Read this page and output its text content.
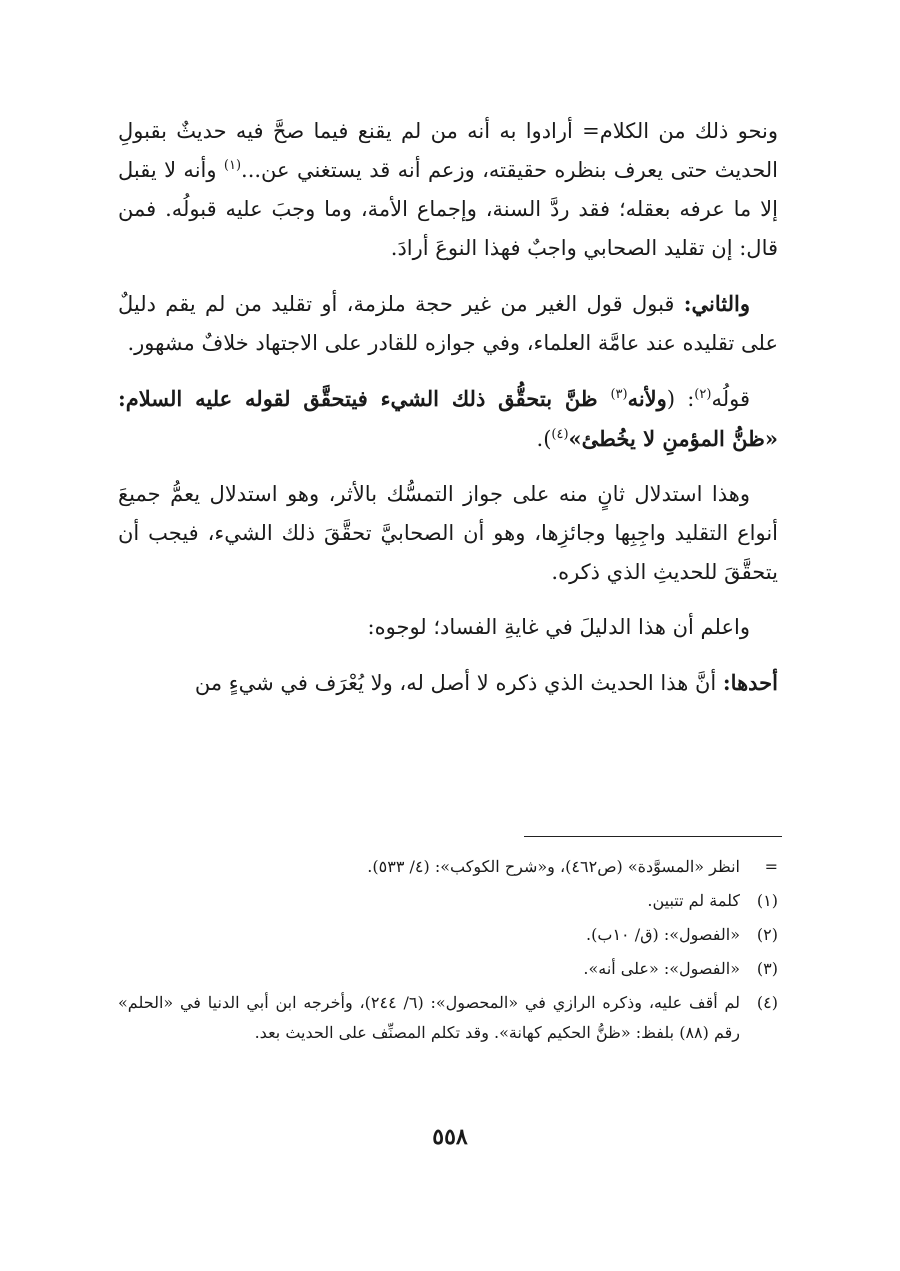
ونحو ذلك من الكلام= أرادوا به أنه من لم يقنع فيما صحَّ فيه حديثٌ بقبولِ الحديث حتى يعرف بنظره حقيقته، وزعم أنه قد يستغني عن...$^{(١)}$ وأنه لا يقبل إلا ما عرفه بعقله؛ فقد ردَّ السنة، وإجماع الأمة، وما وجبَ عليه قبولُه. فمن قال: إن تقليد الصحابي واجبٌ فهذا النوعَ أرادَ.

والثاني: قبول قول الغير من غير حجة ملزمة، أو تقليد من لم يقم دليلٌ على تقليده عند عامَّة العلماء، وفي جوازه للقادر على الاجتهاد خلافٌ مشهور.

قولُه$^{(٢)}$: (ولأنه$^{(٣)}$ ظنَّ بتحقُّق ذلك الشيء فيتحقَّق لقوله عليه السلام: «ظنُّ المؤمنِ لا يخُطئ»$^{(٤)}$).

وهذا استدلال ثانٍ منه على جواز التمسُّك بالأثر، وهو استدلال يعمُّ جميعَ أنواع التقليد واجِبِها وجائزِها، وهو أن الصحابيَّ تحقَّقَ ذلك الشيء، فيجب أن يتحقَّقَ للحديثِ الذي ذكره.

واعلم أن هذا الدليلَ في غايةِ الفساد؛ لوجوه:

أحدها: أنَّ هذا الحديث الذي ذكره لا أصل له، ولا يُعْرَف في شيءٍ من

=
انظر «المسوَّدة» (ص٤٦٢)، و«شرح الكوكب»: (٤/ ٥٣٣).
(١)
كلمة لم تتبين.
(٢)
«الفصول»: (ق/ ١٠ب).
(٣)
«الفصول»: «على أنه».
(٤)
لم أقف عليه، وذكره الرازي في «المحصول»: (٦/ ٢٤٤)، وأخرجه ابن أبي الدنيا في «الحلم» رقم (٨٨) بلفظ: «ظنُّ الحكيم كهانة». وقد تكلم المصنِّف على الحديث بعد.
٥٥٨
